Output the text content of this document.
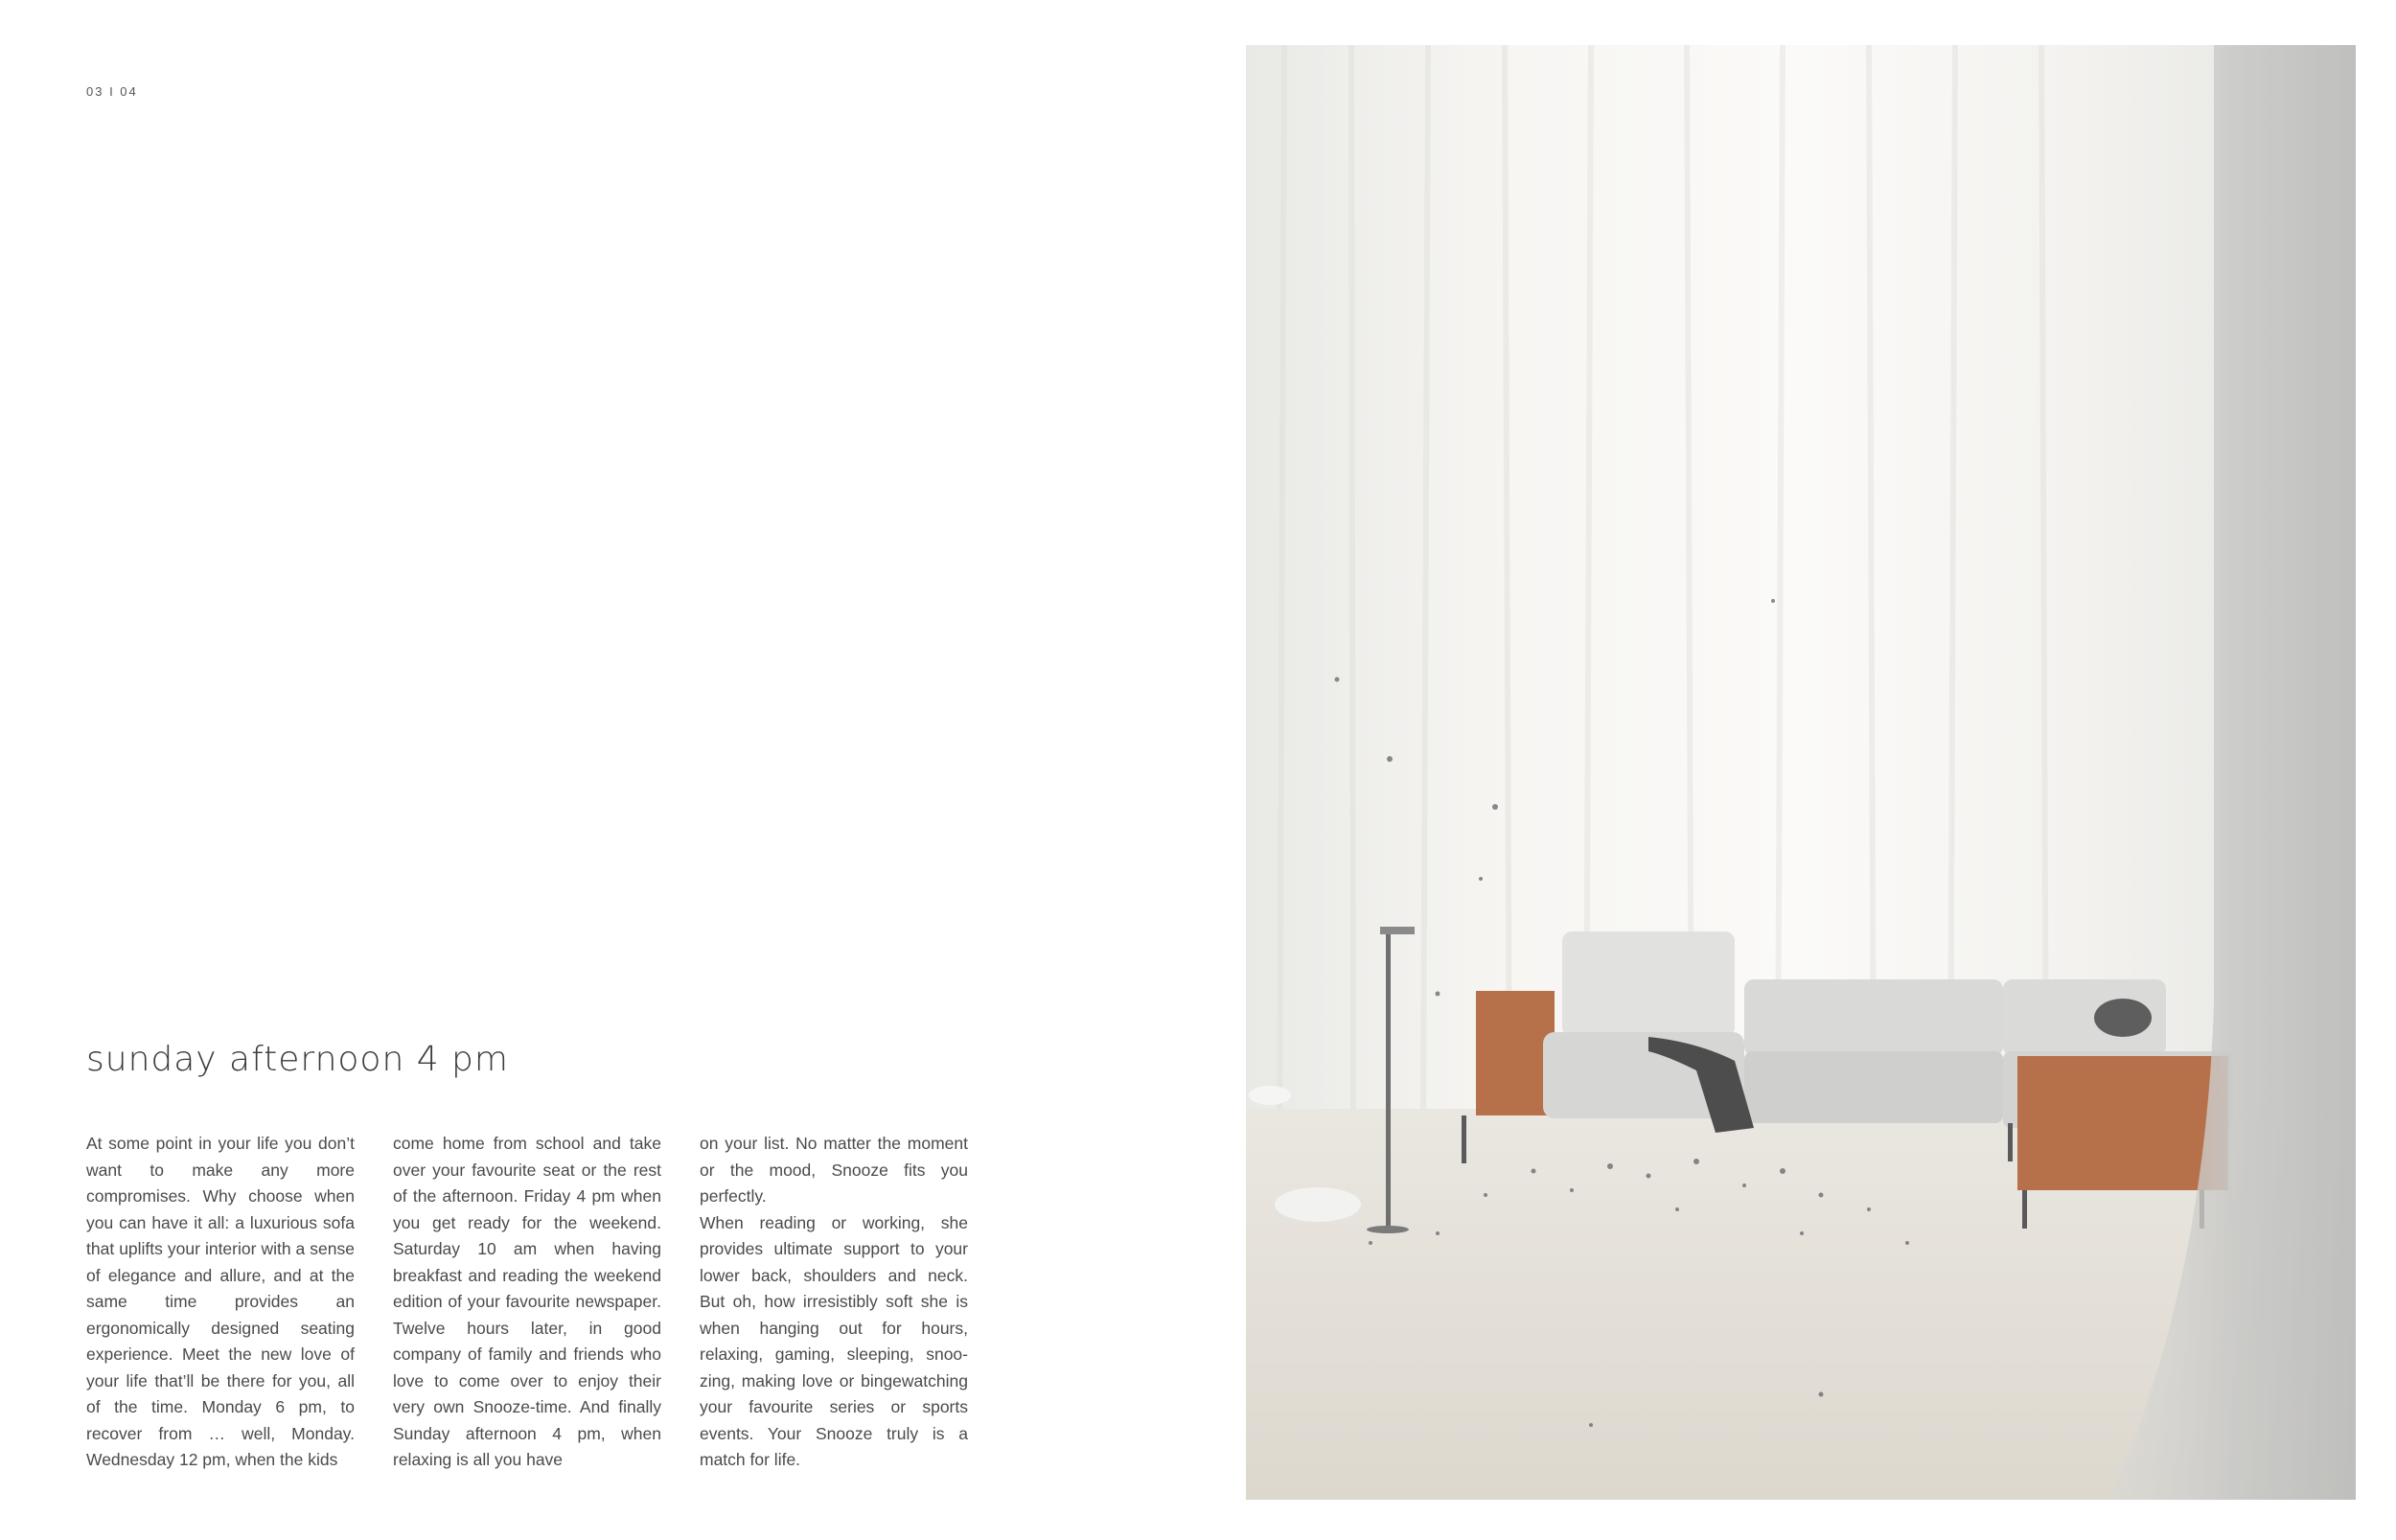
03 I 04
sunday afternoon 4 pm

At some point in your life you don’t want to make any more compromises. Why choose when you can have it all: a luxurious sofa that uplifts your interior with a sense of elegance and allure, and at the same time provides an ergonomically designed seating experience. Meet the new love of your life that’ll be there for you, all of the time. Monday 6 pm, to recover from … well, Monday. Wednesday 12 pm, when the kids

come home from school and take over your favourite seat or the rest of the afternoon. Friday 4 pm when you get ready for the weekend. Saturday 10 am when having breakfast and reading the weekend edition of your favourite newspaper. Twelve hours later, in good company of family and friends who love to come over to enjoy their very own Snooze-time. And finally Sunday afternoon 4 pm, when relaxing is all you have

on your list. No matter the moment or the mood, Snooze fits you perfectly.

When reading or working, she provides ultimate support to your lower back, shoulders and neck. But oh, how irresistibly soft she is when hanging out for hours, relaxing, gaming, sleeping, snoo-zing, making love or bingewatching your favourite series or sports events. Your Snooze truly is a match for life.
